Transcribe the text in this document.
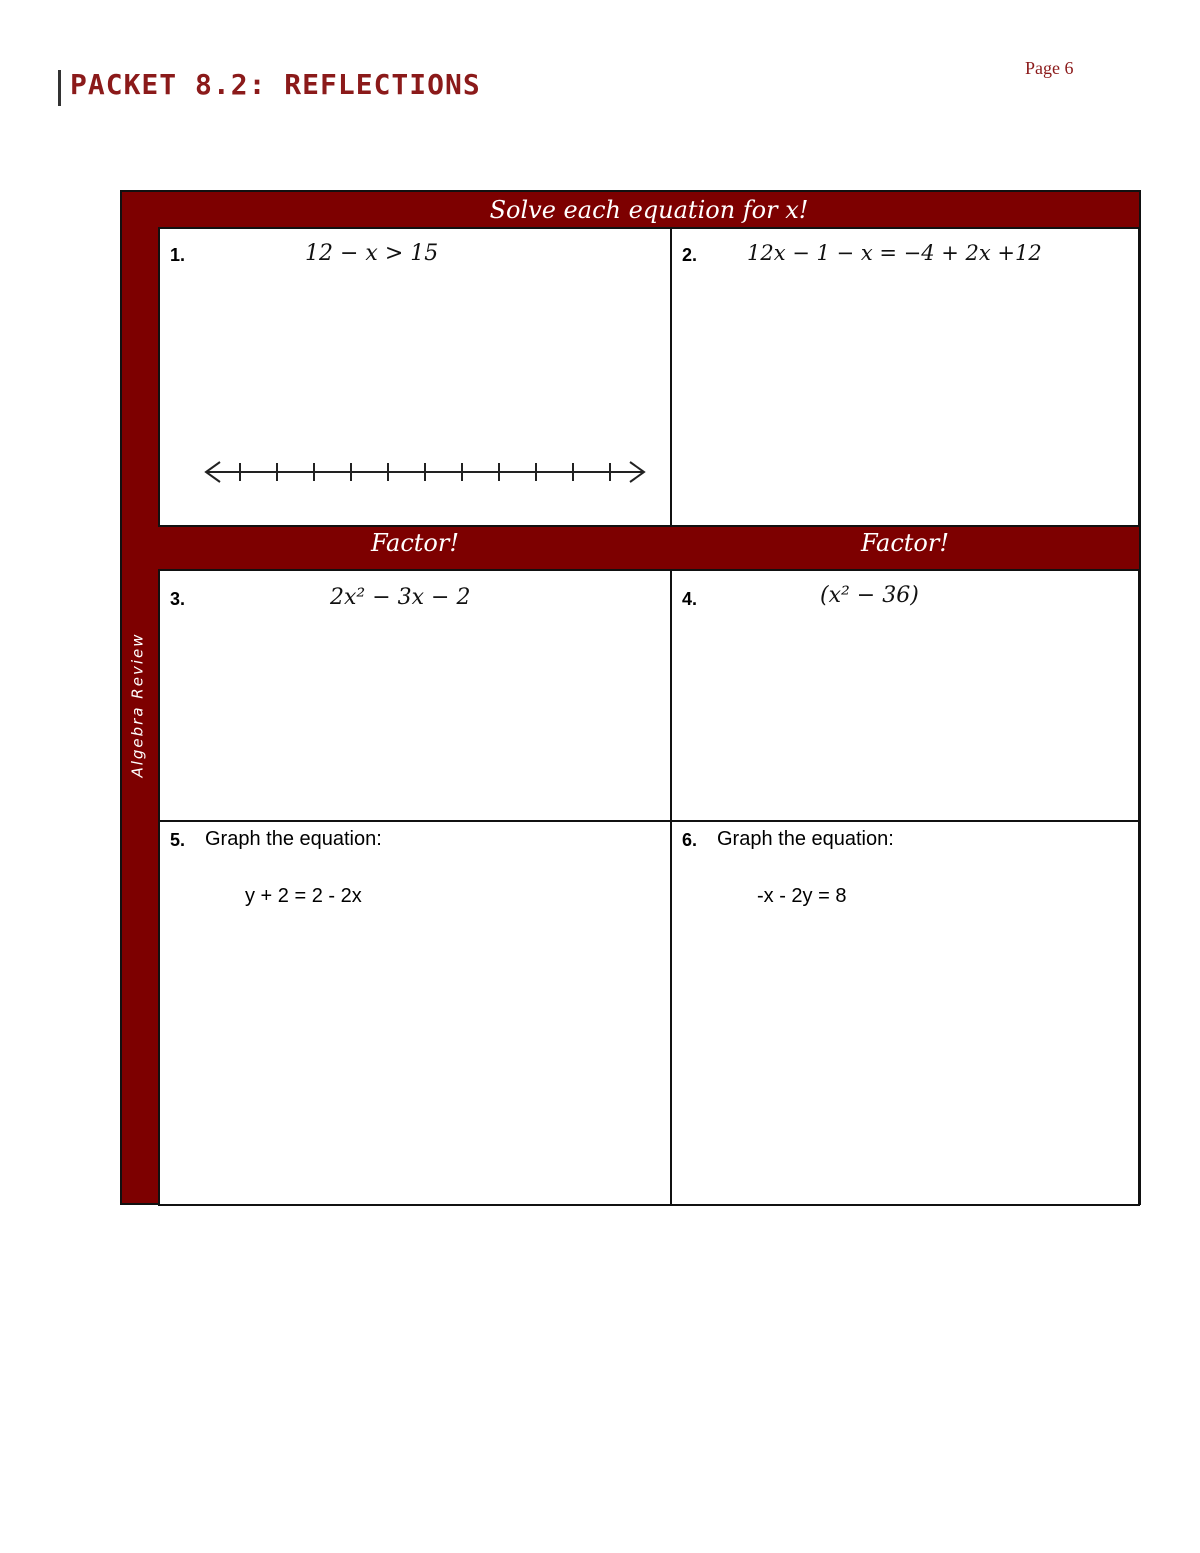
PACKET 8.2: REFLECTIONS	Page 6
Algebra Review
Solve each equation for x!
1.	12 − x > 15	2. 12x − 1 − x = −4 + 2x +12
Factor!	Factor!
3.	2x² − 3x − 2	4.	(x² − 36)
5. Graph the equation:
y + 2 = 2 - 2x
6. Graph the equation:
-x - 2y = 8
